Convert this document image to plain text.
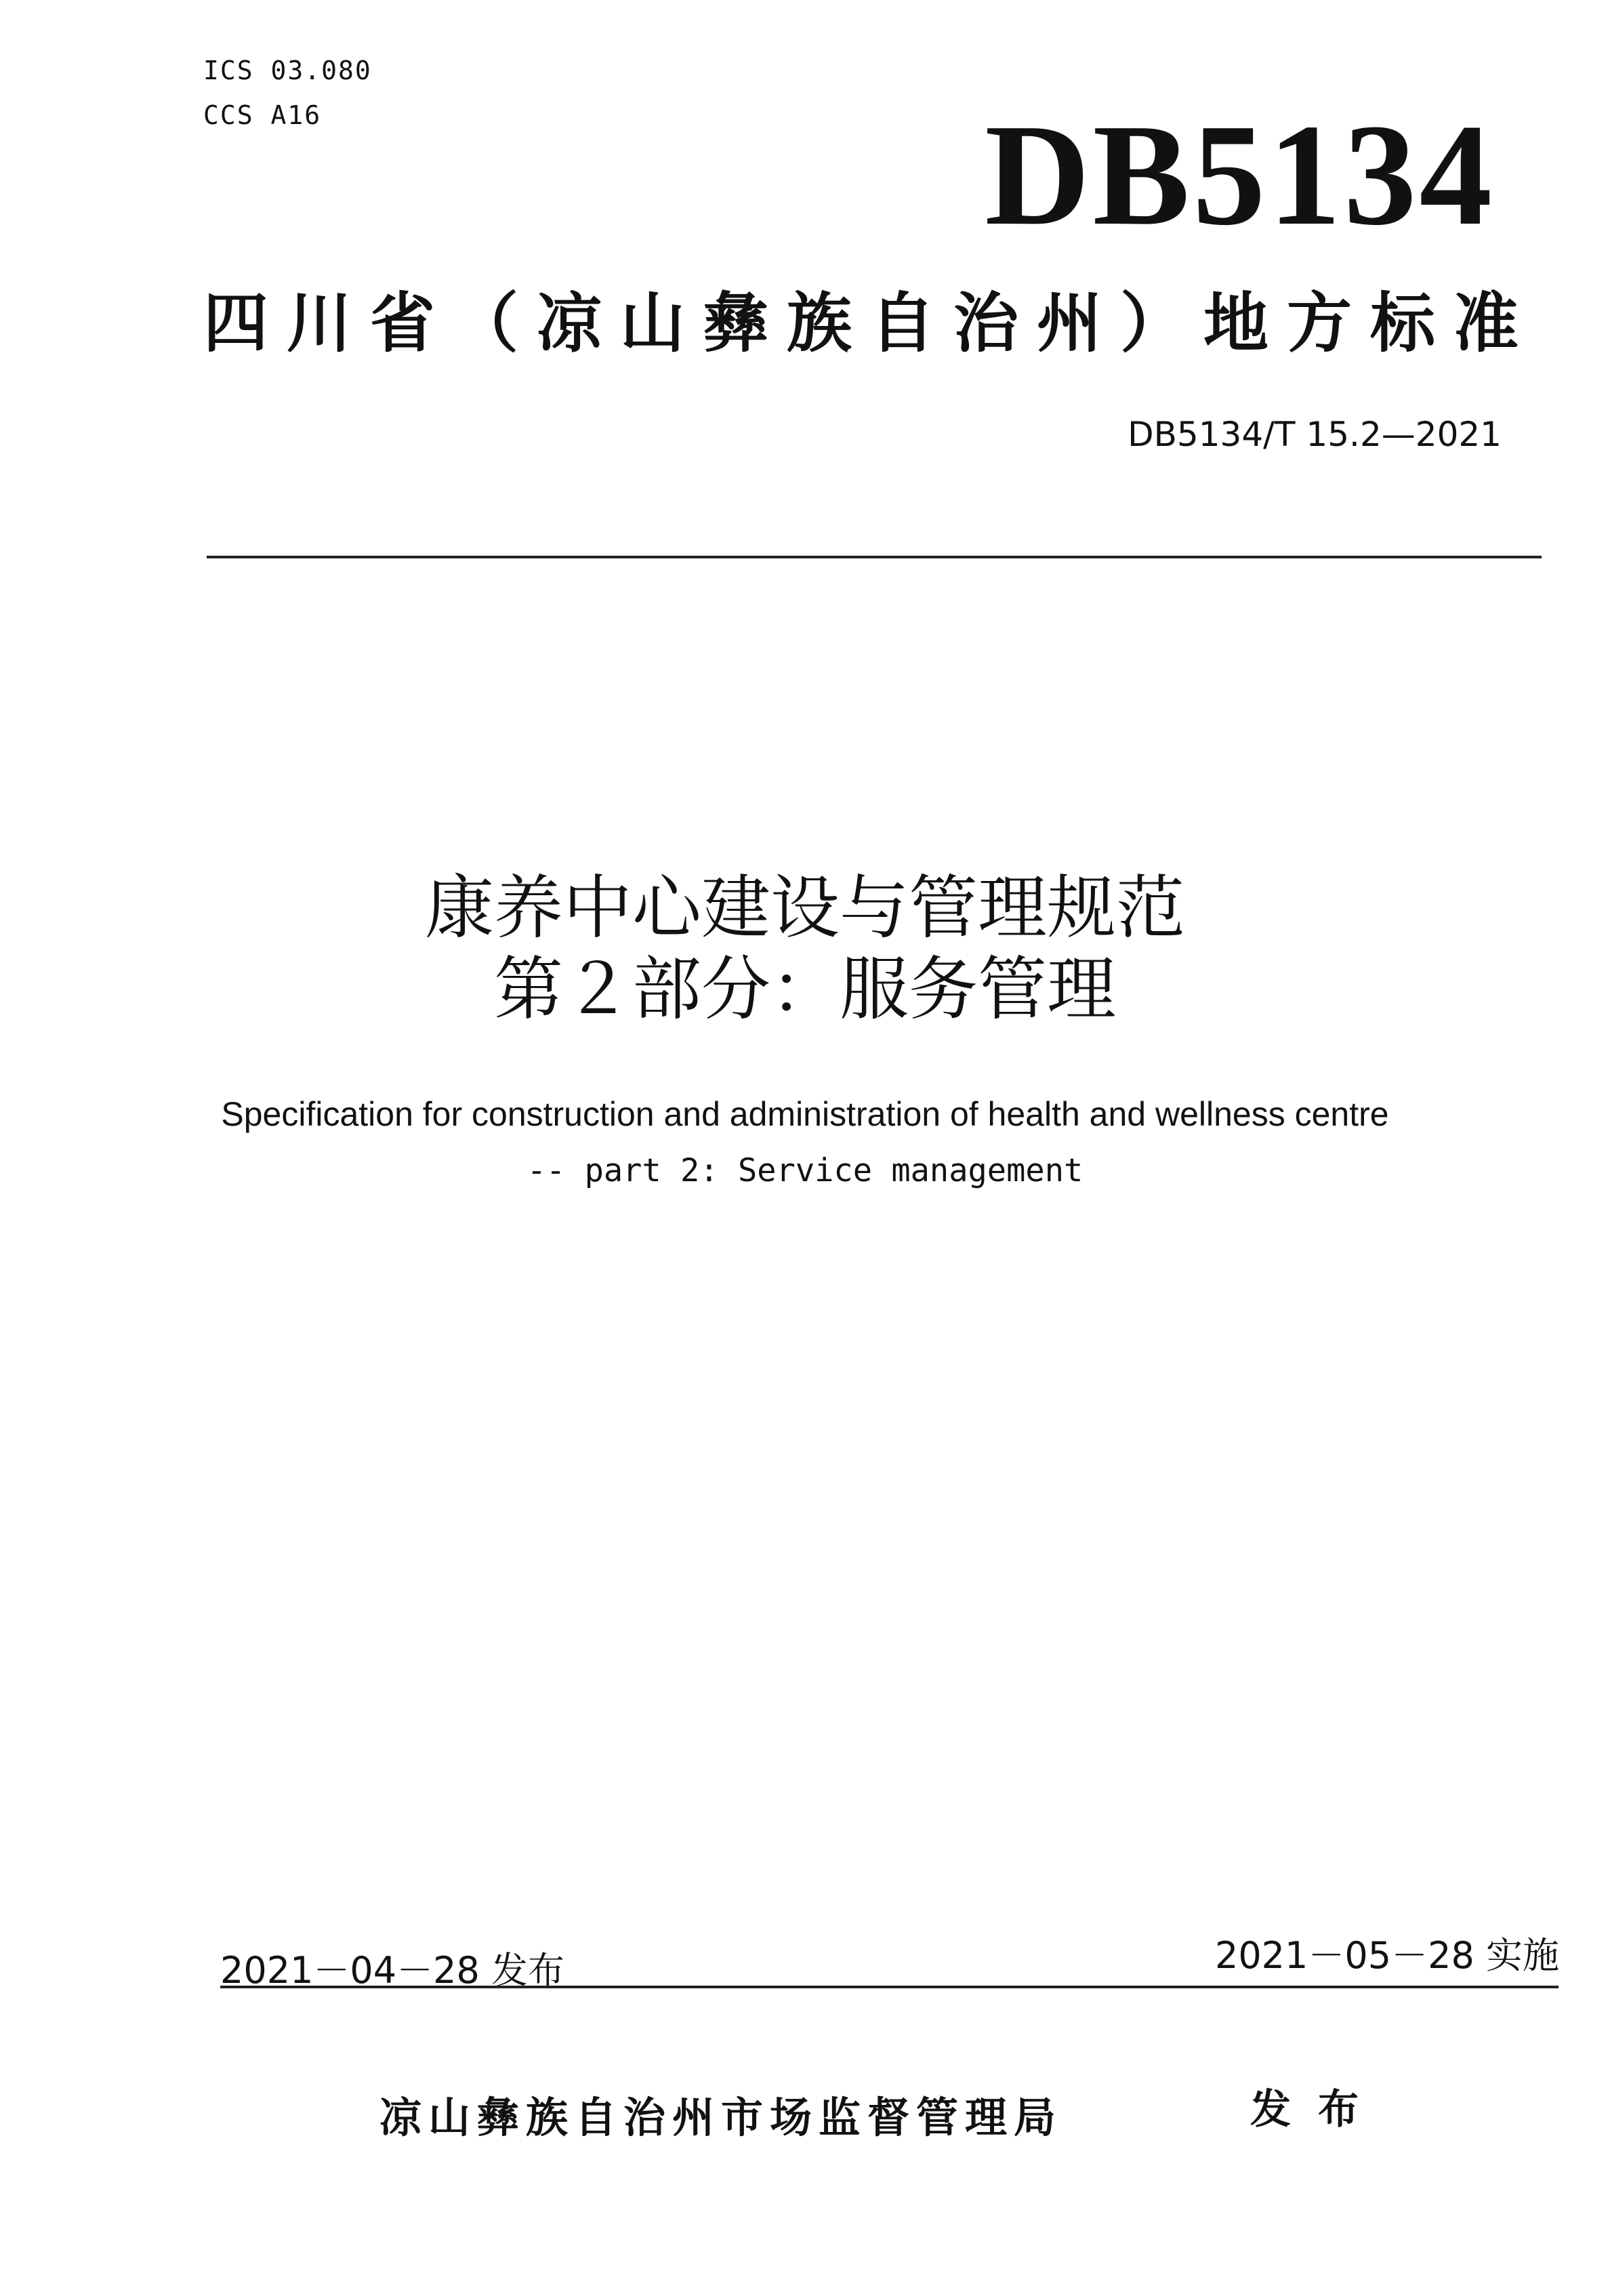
ICS 03.080
CCS A16	DB5134
四川省（凉山彝族自治州）地方标准
DB5134/T 15.2—2021
康养中心建设与管理规范
第２部分：服务管理
Specification for construction and administration of health and wellness centre
-- part 2: Service management
2021－04－28 发布	2021－05－28 实施
凉山彝族自治州市场监督管理局	发布
